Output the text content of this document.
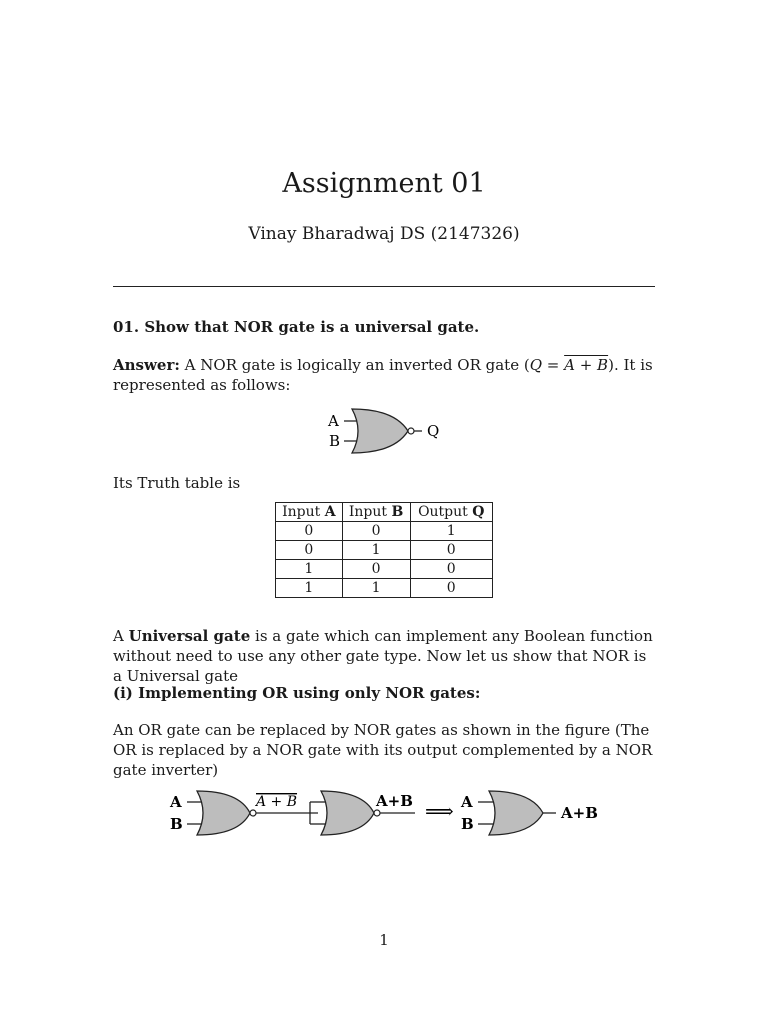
Assignment 01
Vinay Bharadwaj DS (2147326)
01. Show that NOR gate is a universal gate.
Answer: A NOR gate is logically an inverted OR gate (Q = A + B). It is represented as follows:
A
B
Q
Its Truth table is
Input A	Input B	Output Q
0	0	1
0	1	0
1	0	0
1	1	0
A Universal gate is a gate which can implement any Boolean function without need to use any other gate type. Now let us show that NOR is a Universal gate
(i) Implementing OR using only NOR gates:
An OR gate can be replaced by NOR gates as shown in the figure (The OR is replaced by a NOR gate with its output complemented by a NOR gate inverter)
A
B
A + B	A+B ⟹ A
B
A+B
1
